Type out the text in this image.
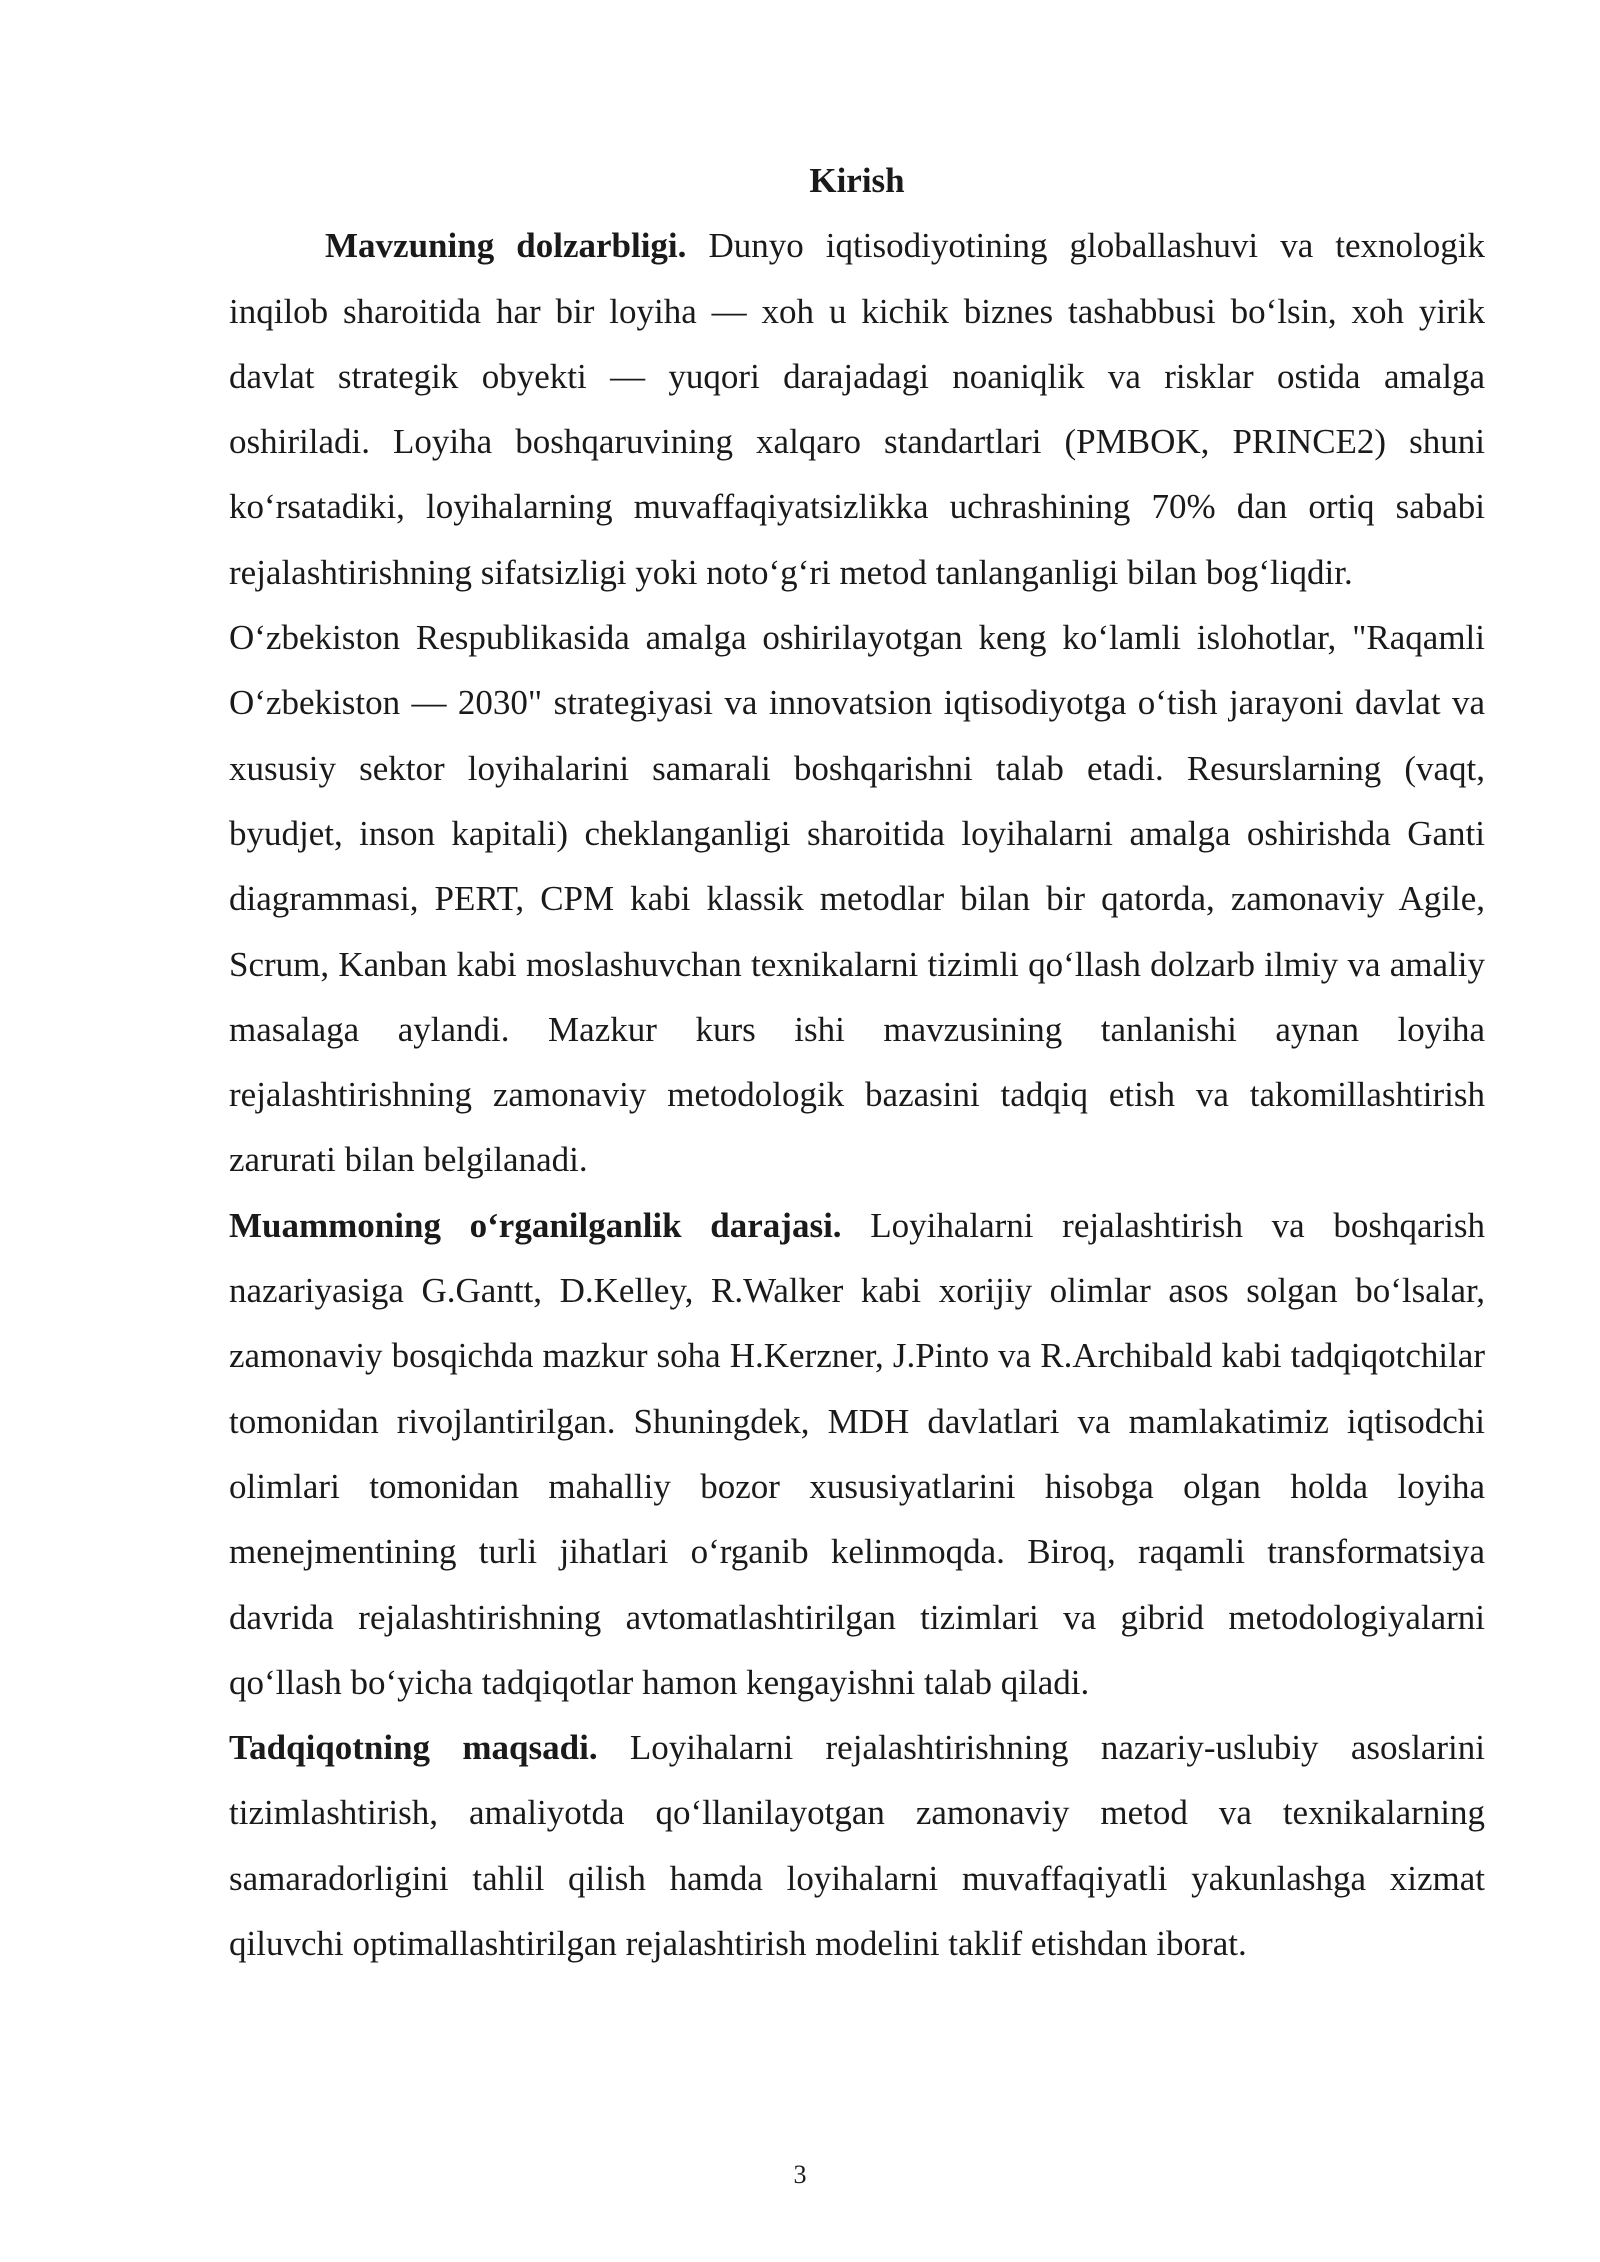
Kirish

Mavzuning dolzarbligi. Dunyo iqtisodiyotining globallashuvi va texnologik inqilob sharoitida har bir loyiha — xoh u kichik biznes tashabbusi boʻlsin, xoh yirik davlat strategik obyekti — yuqori darajadagi noaniqlik va risklar ostida amalga oshiriladi. Loyiha boshqaruvining xalqaro standartlari (PMBOK, PRINCE2) shuni koʻrsatadiki, loyihalarning muvaffaqiyatsizlikka uchrashining 70% dan ortiq sababi rejalashtirishning sifatsizligi yoki notoʻgʻri metod tanlanganligi bilan bogʻliqdir.

Oʻzbekiston Respublikasida amalga oshirilayotgan keng koʻlamli islohotlar, "Raqamli Oʻzbekiston — 2030" strategiyasi va innovatsion iqtisodiyotga oʻtish jarayoni davlat va xususiy sektor loyihalarini samarali boshqarishni talab etadi. Resurslarning (vaqt, byudjet, inson kapitali) cheklanganligi sharoitida loyihalarni amalga oshirishda Ganti diagrammasi, PERT, CPM kabi klassik metodlar bilan bir qatorda, zamonaviy Agile, Scrum, Kanban kabi moslashuvchan texnikalarni tizimli qoʻllash dolzarb ilmiy va amaliy masalaga aylandi. Mazkur kurs ishi mavzusining tanlanishi aynan loyiha rejalashtirishning zamonaviy metodologik bazasini tadqiq etish va takomillashtirish zarurati bilan belgilanadi.

Muammoning oʻrganilganlik darajasi. Loyihalarni rejalashtirish va boshqarish nazariyasiga G.Gantt, D.Kelley, R.Walker kabi xorijiy olimlar asos solgan boʻlsalar, zamonaviy bosqichda mazkur soha H.Kerzner, J.Pinto va R.Archibald kabi tadqiqotchilar tomonidan rivojlantirilgan. Shuningdek, MDH davlatlari va mamlakatimiz iqtisodchi olimlari tomonidan mahalliy bozor xususiyatlarini hisobga olgan holda loyiha menejmentining turli jihatlari oʻrganib kelinmoqda. Biroq, raqamli transformatsiya davrida rejalashtirishning avtomatlashtirilgan tizimlari va gibrid metodologiyalarni qoʻllash boʻyicha tadqiqotlar hamon kengayishni talab qiladi.

Tadqiqotning maqsadi. Loyihalarni rejalashtirishning nazariy-uslubiy asoslarini tizimlashtirish, amaliyotda qoʻllanilayotgan zamonaviy metod va texnikalarning samaradorligini tahlil qilish hamda loyihalarni muvaffaqiyatli yakunlashga xizmat qiluvchi optimallashtirilgan rejalashtirish modelini taklif etishdan iborat.

3
